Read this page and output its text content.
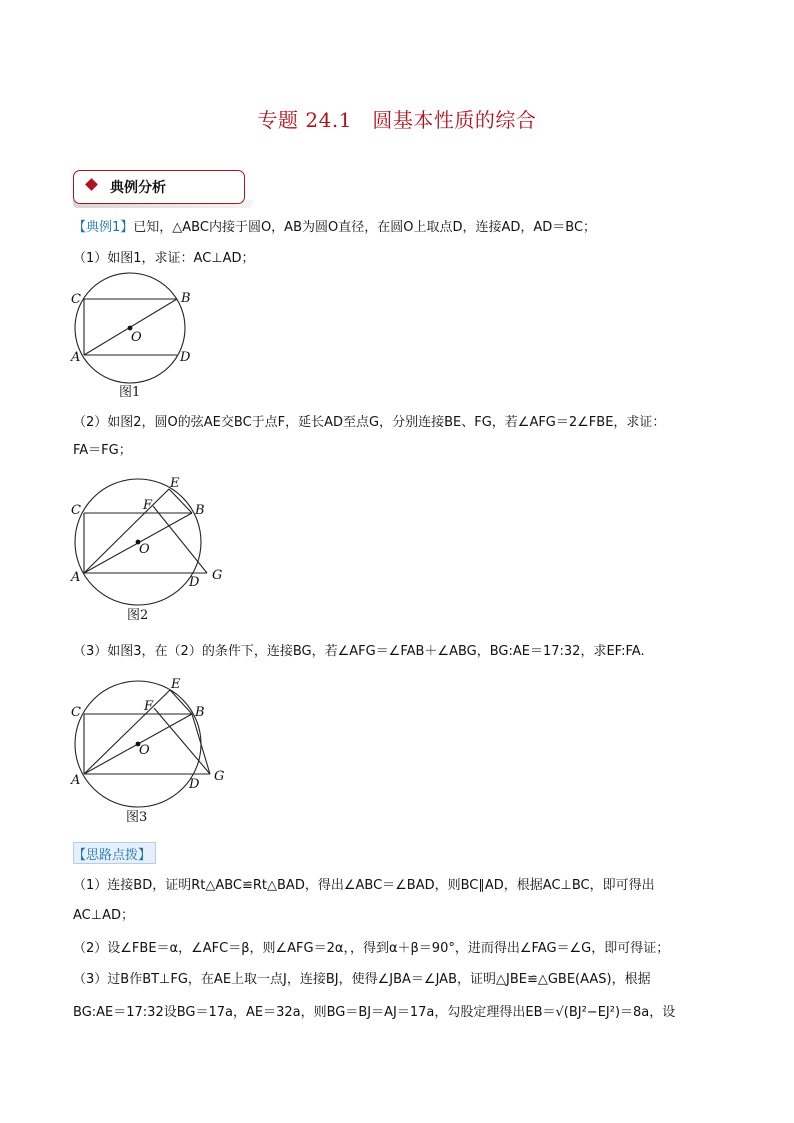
专题 24.1　圆基本性质的综合
典例分析
【典例1】已知，△ABC内接于圆O，AB为圆O直径，在圆O上取点D，连接AD，AD＝BC；
（1）如图1，求证：AC⊥AD；
C	B
A	D
O
图1
（2）如图2，圆O的弦AE交BC于点F，延长AD至点G，分别连接BE、FG，若∠AFG＝2∠FBE，求证：
FA＝FG；
C	B
E
F
O
A	D G
图2
（3）如图3，在（2）的条件下，连接BG，若∠AFG＝∠FAB＋∠ABG，BG:AE＝17:32，求EF:FA.
C	B
E
F
O
A	D
G
图3
【思路点拨】
（1）连接BD，证明Rt△ABC≌Rt△BAD，得出∠ABC＝∠BAD，则BC∥AD，根据AC⊥BC，即可得出
AC⊥AD；
（2）设∠FBE＝α，∠AFC＝β，则∠AFG＝2α，，得到α＋β＝90°，进而得出∠FAG＝∠G，即可得证；
（3）过B作BT⊥FG，在AE上取一点J，连接BJ，使得∠JBA＝∠JAB，证明△JBE≌△GBE(AAS)，根据
BG:AE＝17:32设BG＝17a，AE＝32a，则BG＝BJ＝AJ＝17a，勾股定理得出EB＝√(BJ²−EJ²)＝8a，设
